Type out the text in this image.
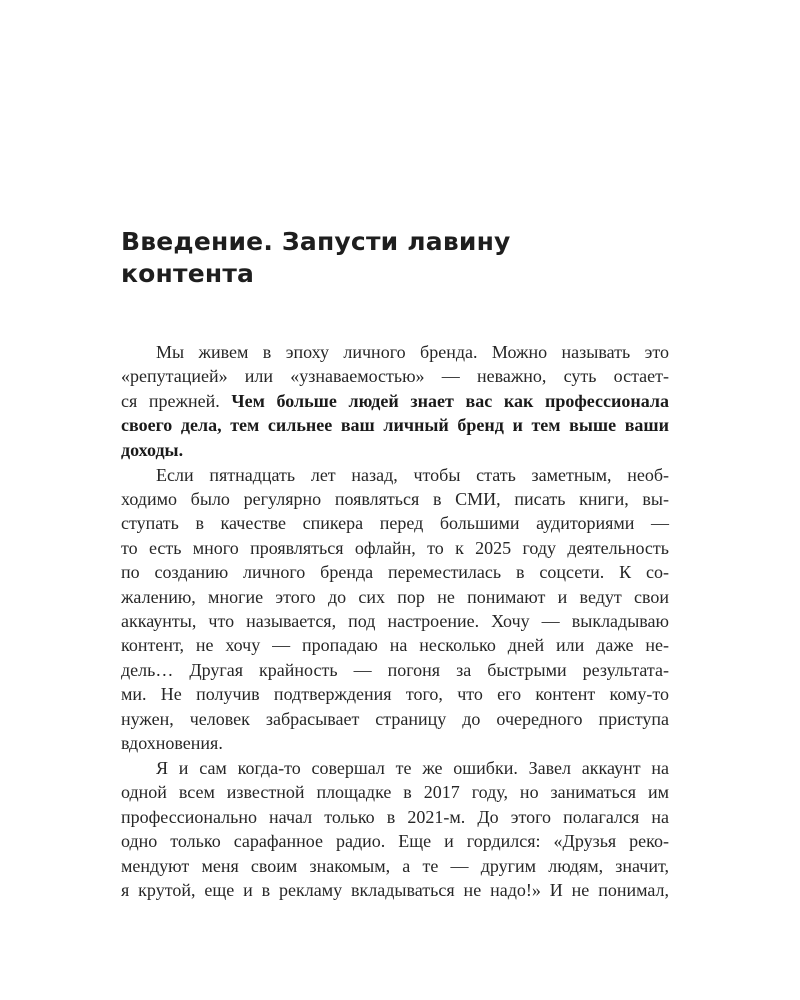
Введение. Запусти лавину
контента
Мы живем в эпоху личного бренда. Можно называть это
«репутацией» или «узнаваемостью» — неважно, суть остает-
ся прежней. Чем больше людей знает вас как профессионала
своего дела, тем сильнее ваш личный бренд и тем выше ваши
доходы.
Если пятнадцать лет назад, чтобы стать заметным, необ-
ходимо было регулярно появляться в СМИ, писать книги, вы-
ступать в качестве спикера перед большими аудиториями —
то есть много проявляться офлайн, то к 2025 году деятельность
по созданию личного бренда переместилась в соцсети. К со-
жалению, многие этого до сих пор не понимают и ведут свои
аккаунты, что называется, под настроение. Хочу — выкладываю
контент, не хочу — пропадаю на несколько дней или даже не-
дель… Другая крайность — погоня за быстрыми результата-
ми. Не получив подтверждения того, что его контент кому-то
нужен, человек забрасывает страницу до очередного приступа
вдохновения.
Я и сам когда-то совершал те же ошибки. Завел аккаунт на
одной всем известной площадке в 2017 году, но заниматься им
профессионально начал только в 2021-м. До этого полагался на
одно только сарафанное радио. Еще и гордился: «Друзья реко-
мендуют меня своим знакомым, а те — другим людям, значит,
я крутой, еще и в рекламу вкладываться не надо!» И не понимал,
